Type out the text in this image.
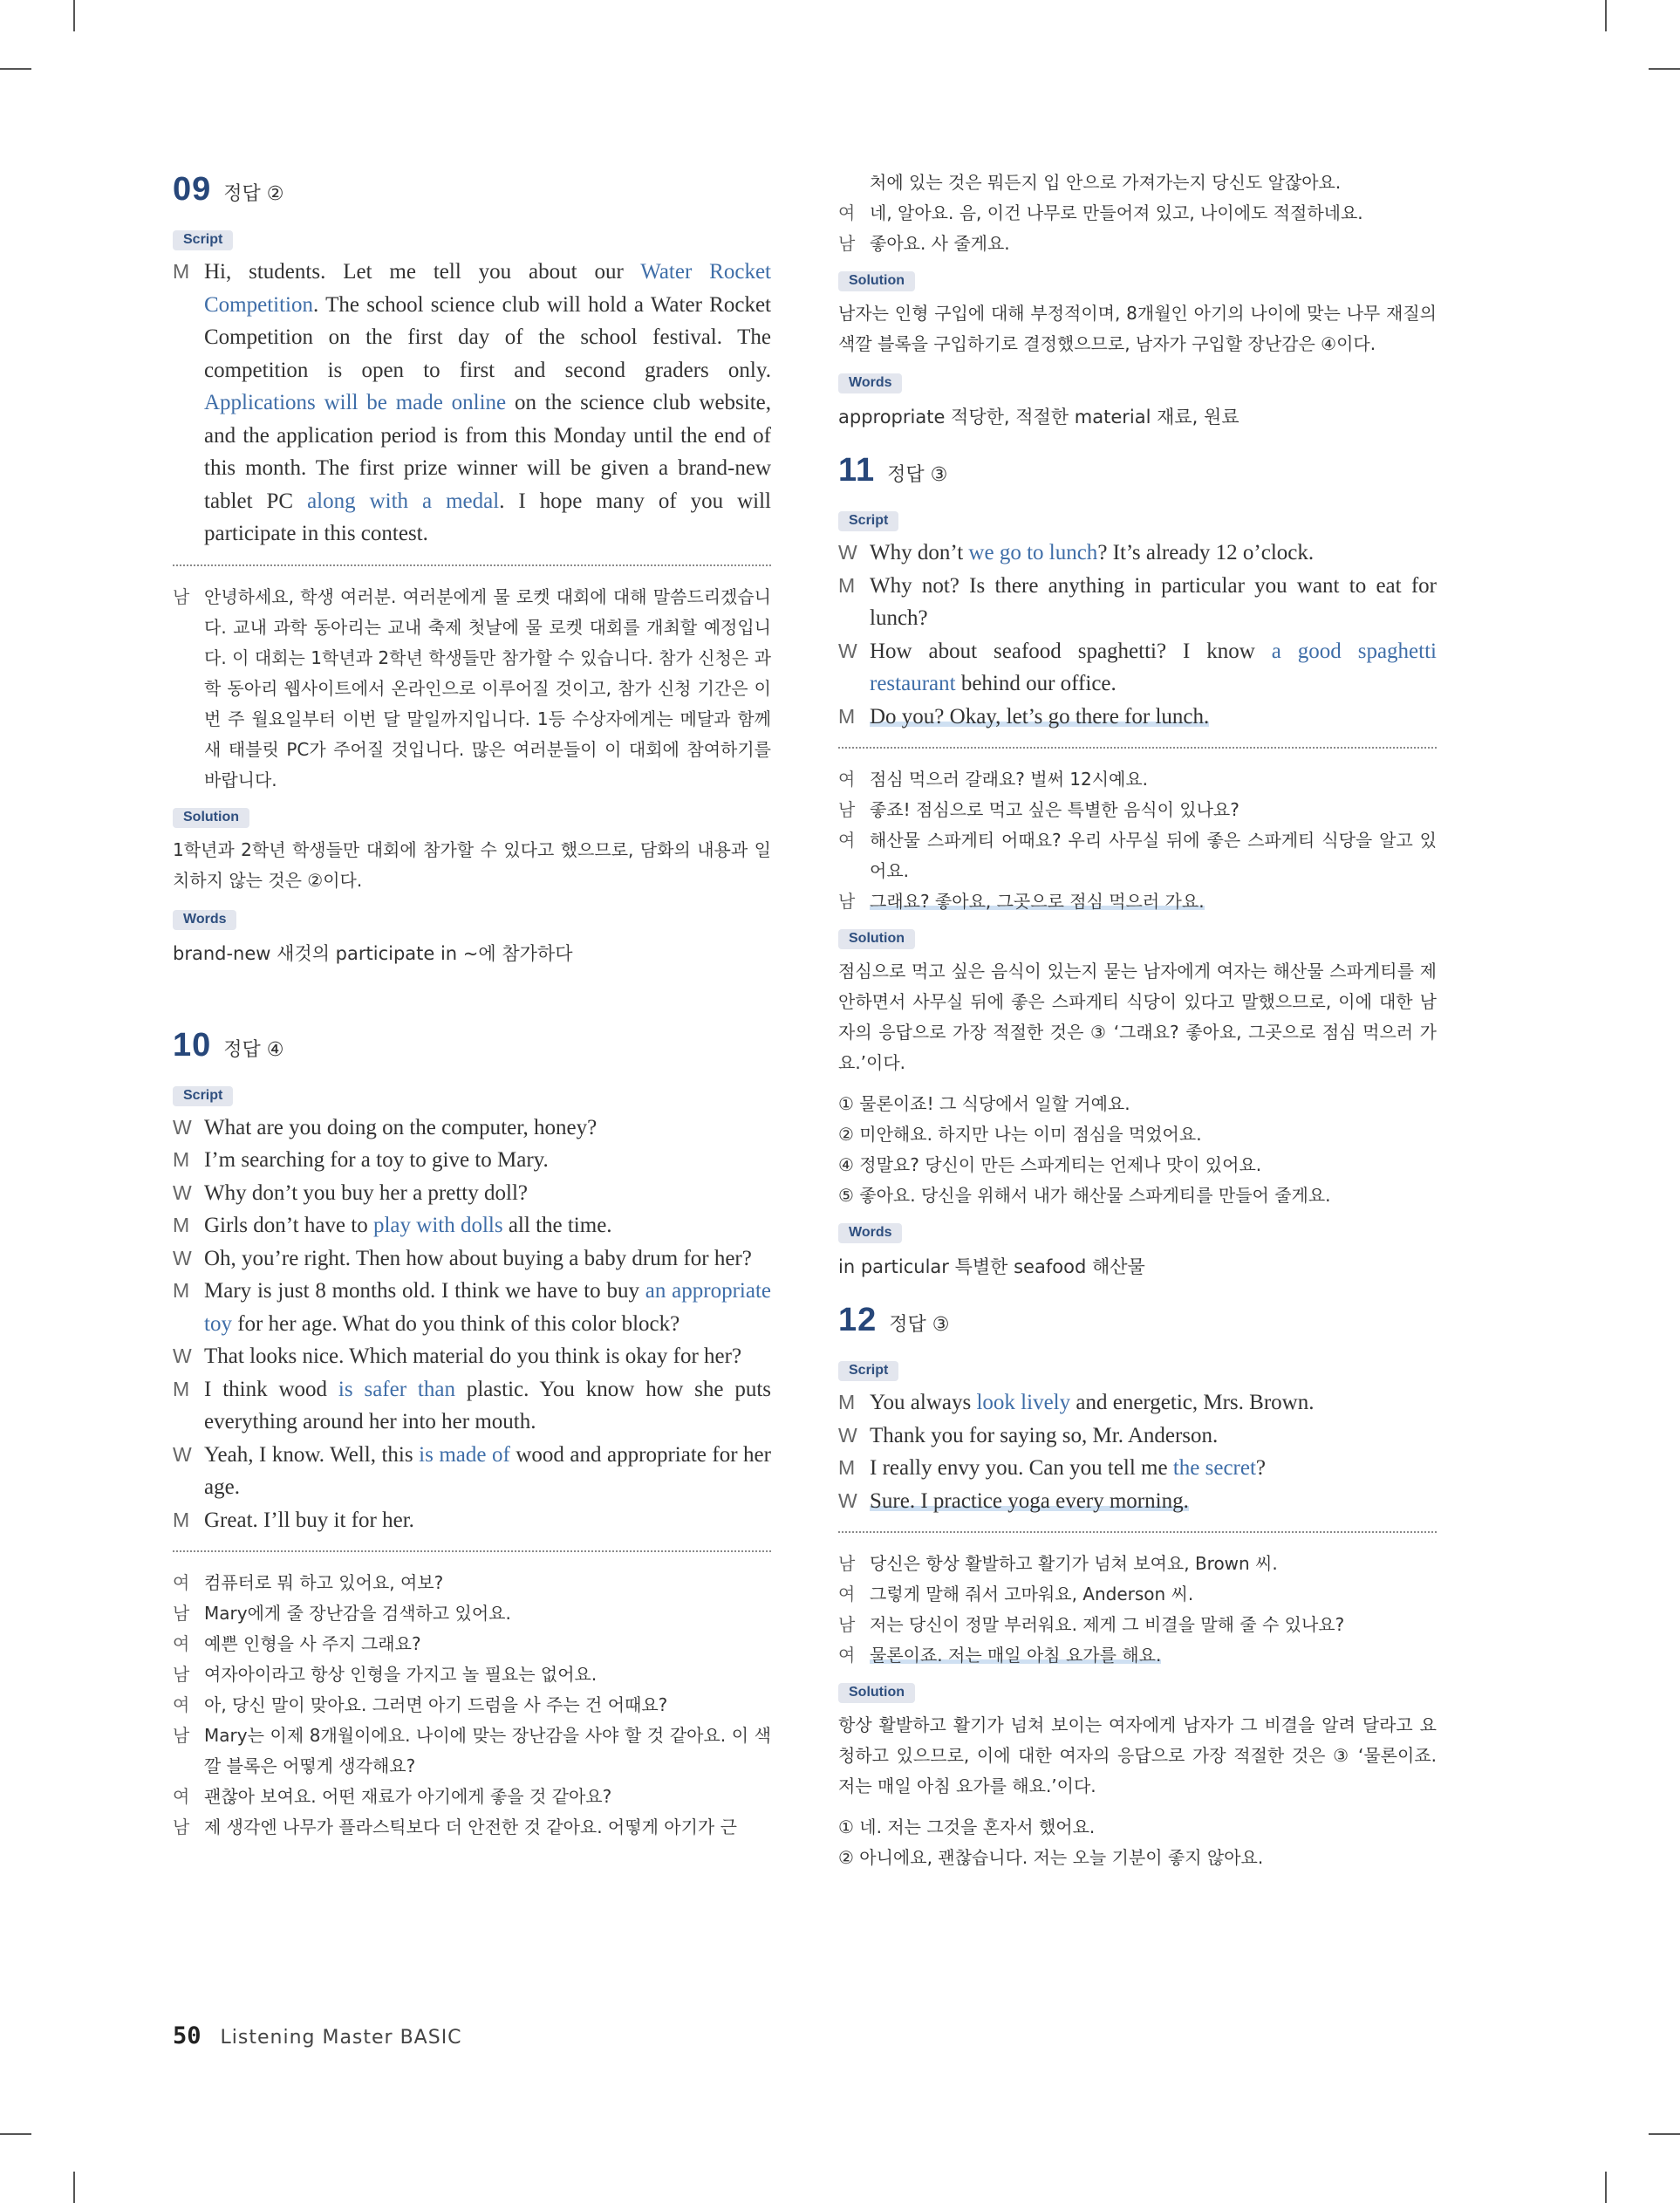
09 정답 ②
Script
M Hi, students. Let me tell you about our Water Rocket Competition. The school science club will hold a Water Rocket Competition on the first day of the school festival. The competition is open to first and second graders only. Applications will be made online on the science club website, and the application period is from this Monday until the end of this month. The first prize winner will be given a brand-new tablet PC along with a medal. I hope many of you will participate in this contest.
남 안녕하세요, 학생 여러분. 여러분에게 물 로켓 대회에 대해 말씀드리겠습니다. 교내 과학 동아리는 교내 축제 첫날에 물 로켓 대회를 개최할 예정입니다. 이 대회는 1학년과 2학년 학생들만 참가할 수 있습니다. 참가 신청은 과학 동아리 웹사이트에서 온라인으로 이루어질 것이고, 참가 신청 기간은 이번 주 월요일부터 이번 달 말일까지입니다. 1등 수상자에게는 메달과 함께 새 태블릿 PC가 주어질 것입니다. 많은 여러분들이 이 대회에 참여하기를 바랍니다.
Solution
1학년과 2학년 학생들만 대회에 참가할 수 있다고 했으므로, 담화의 내용과 일치하지 않는 것은 ②이다.
Words
brand-new 새것의 participate in ~에 참가하다
10 정답 ④
Script
W What are you doing on the computer, honey?
M I’m searching for a toy to give to Mary.
W Why don’t you buy her a pretty doll?
M Girls don’t have to play with dolls all the time.
W Oh, you’re right. Then how about buying a baby drum for her?
M Mary is just 8 months old. I think we have to buy an appropriate toy for her age. What do you think of this color block?
W That looks nice. Which material do you think is okay for her?
M I think wood is safer than plastic. You know how she puts everything around her into her mouth.
W Yeah, I know. Well, this is made of wood and appropriate for her age.
M Great. I’ll buy it for her.
여 컴퓨터로 뭐 하고 있어요, 여보?
남 Mary에게 줄 장난감을 검색하고 있어요.
여 예쁜 인형을 사 주지 그래요?
남 여자아이라고 항상 인형을 가지고 놀 필요는 없어요.
여 아, 당신 말이 맞아요. 그러면 아기 드럼을 사 주는 건 어때요?
남 Mary는 이제 8개월이에요. 나이에 맞는 장난감을 사야 할 것 같아요. 이 색깔 블록은 어떻게 생각해요?
여 괜찮아 보여요. 어떤 재료가 아기에게 좋을 것 같아요?
남 제 생각엔 나무가 플라스틱보다 더 안전한 것 같아요. 어떻게 아기가 근
처에 있는 것은 뭐든지 입 안으로 가져가는지 당신도 알잖아요.
여 네, 알아요. 음, 이건 나무로 만들어져 있고, 나이에도 적절하네요.
남 좋아요. 사 줄게요.
Solution
남자는 인형 구입에 대해 부정적이며, 8개월인 아기의 나이에 맞는 나무 재질의 색깔 블록을 구입하기로 결정했으므로, 남자가 구입할 장난감은 ④이다.
Words
appropriate 적당한, 적절한 material 재료, 원료
11 정답 ③
Script
W Why don’t we go to lunch? It’s already 12 o’clock.
M Why not? Is there anything in particular you want to eat for lunch?
W How about seafood spaghetti? I know a good spaghetti restaurant behind our office.
M Do you? Okay, let’s go there for lunch.
여 점심 먹으러 갈래요? 벌써 12시예요.
남 좋죠! 점심으로 먹고 싶은 특별한 음식이 있나요?
여 해산물 스파게티 어때요? 우리 사무실 뒤에 좋은 스파게티 식당을 알고 있어요.
남 그래요? 좋아요, 그곳으로 점심 먹으러 가요.
Solution
점심으로 먹고 싶은 음식이 있는지 묻는 남자에게 여자는 해산물 스파게티를 제안하면서 사무실 뒤에 좋은 스파게티 식당이 있다고 말했으므로, 이에 대한 남자의 응답으로 가장 적절한 것은 ③ ‘그래요? 좋아요, 그곳으로 점심 먹으러 가요.’이다.
① 물론이죠! 그 식당에서 일할 거예요.
② 미안해요. 하지만 나는 이미 점심을 먹었어요.
④ 정말요? 당신이 만든 스파게티는 언제나 맛이 있어요.
⑤ 좋아요. 당신을 위해서 내가 해산물 스파게티를 만들어 줄게요.
Words
in particular 특별한 seafood 해산물
12 정답 ③
Script
M You always look lively and energetic, Mrs. Brown.
W Thank you for saying so, Mr. Anderson.
M I really envy you. Can you tell me the secret?
W Sure. I practice yoga every morning.
남 당신은 항상 활발하고 활기가 넘쳐 보여요, Brown 씨.
여 그렇게 말해 줘서 고마워요, Anderson 씨.
남 저는 당신이 정말 부러워요. 제게 그 비결을 말해 줄 수 있나요?
여 물론이죠. 저는 매일 아침 요가를 해요.
Solution
항상 활발하고 활기가 넘쳐 보이는 여자에게 남자가 그 비결을 알려 달라고 요청하고 있으므로, 이에 대한 여자의 응답으로 가장 적절한 것은 ③ ‘물론이죠. 저는 매일 아침 요가를 해요.’이다.
① 네. 저는 그것을 혼자서 했어요.
② 아니에요, 괜찮습니다. 저는 오늘 기분이 좋지 않아요.
50 Listening Master BASIC
